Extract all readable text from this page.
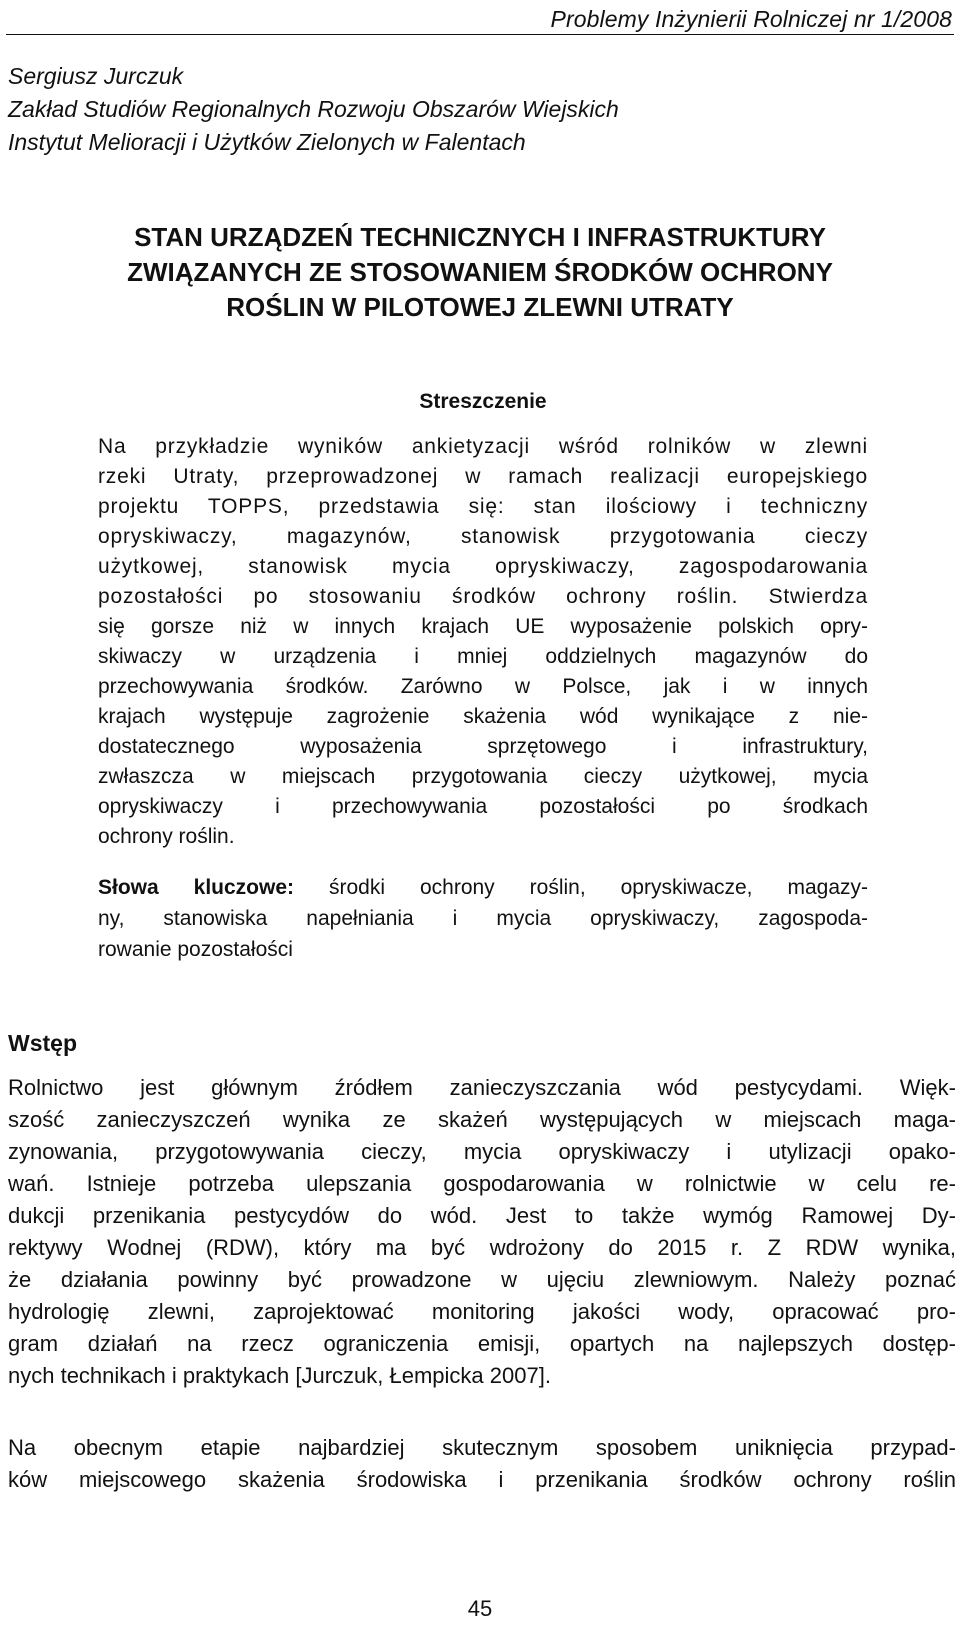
Problemy Inżynierii Rolniczej nr 1/2008
Sergiusz Jurczuk
Zakład Studiów Regionalnych Rozwoju Obszarów Wiejskich
Instytut Melioracji i Użytków Zielonych w Falentach
STAN URZĄDZEŃ TECHNICZNYCH I INFRASTRUKTURY
ZWIĄZANYCH ZE STOSOWANIEM ŚRODKÓW OCHRONY
ROŚLIN W PILOTOWEJ ZLEWNI UTRATY
Streszczenie
Na przykładzie wyników ankietyzacji wśród rolników w zlewni
rzeki Utraty, przeprowadzonej w ramach realizacji europejskiego
projektu TOPPS, przedstawia się: stan ilościowy i techniczny
opryskiwaczy, magazynów, stanowisk przygotowania cieczy
użytkowej, stanowisk mycia opryskiwaczy, zagospodarowania
pozostałości po stosowaniu środków ochrony roślin. Stwierdza
się gorsze niż w innych krajach UE wyposażenie polskich opry-
skiwaczy w urządzenia i mniej oddzielnych magazynów do
przechowywania środków. Zarówno w Polsce, jak i w innych
krajach występuje zagrożenie skażenia wód wynikające z nie-
dostatecznego wyposażenia sprzętowego i infrastruktury,
zwłaszcza w miejscach przygotowania cieczy użytkowej, mycia
opryskiwaczy i przechowywania pozostałości po środkach
ochrony roślin.
Słowa kluczowe: środki ochrony roślin, opryskiwacze, magazy-
ny, stanowiska napełniania i mycia opryskiwaczy, zagospoda-
rowanie pozostałości
Wstęp
Rolnictwo jest głównym źródłem zanieczyszczania wód pestycydami. Więk-
szość zanieczyszczeń wynika ze skażeń występujących w miejscach maga-
zynowania, przygotowywania cieczy, mycia opryskiwaczy i utylizacji opako-
wań. Istnieje potrzeba ulepszania gospodarowania w rolnictwie w celu re-
dukcji przenikania pestycydów do wód. Jest to także wymóg Ramowej Dy-
rektywy Wodnej (RDW), który ma być wdrożony do 2015 r. Z RDW wynika,
że działania powinny być prowadzone w ujęciu zlewniowym. Należy poznać
hydrologię zlewni, zaprojektować monitoring jakości wody, opracować pro-
gram działań na rzecz ograniczenia emisji, opartych na najlepszych dostęp-
nych technikach i praktykach [Jurczuk, Łempicka 2007].
Na obecnym etapie najbardziej skutecznym sposobem uniknięcia przypad-
ków miejscowego skażenia środowiska i przenikania środków ochrony roślin
45
